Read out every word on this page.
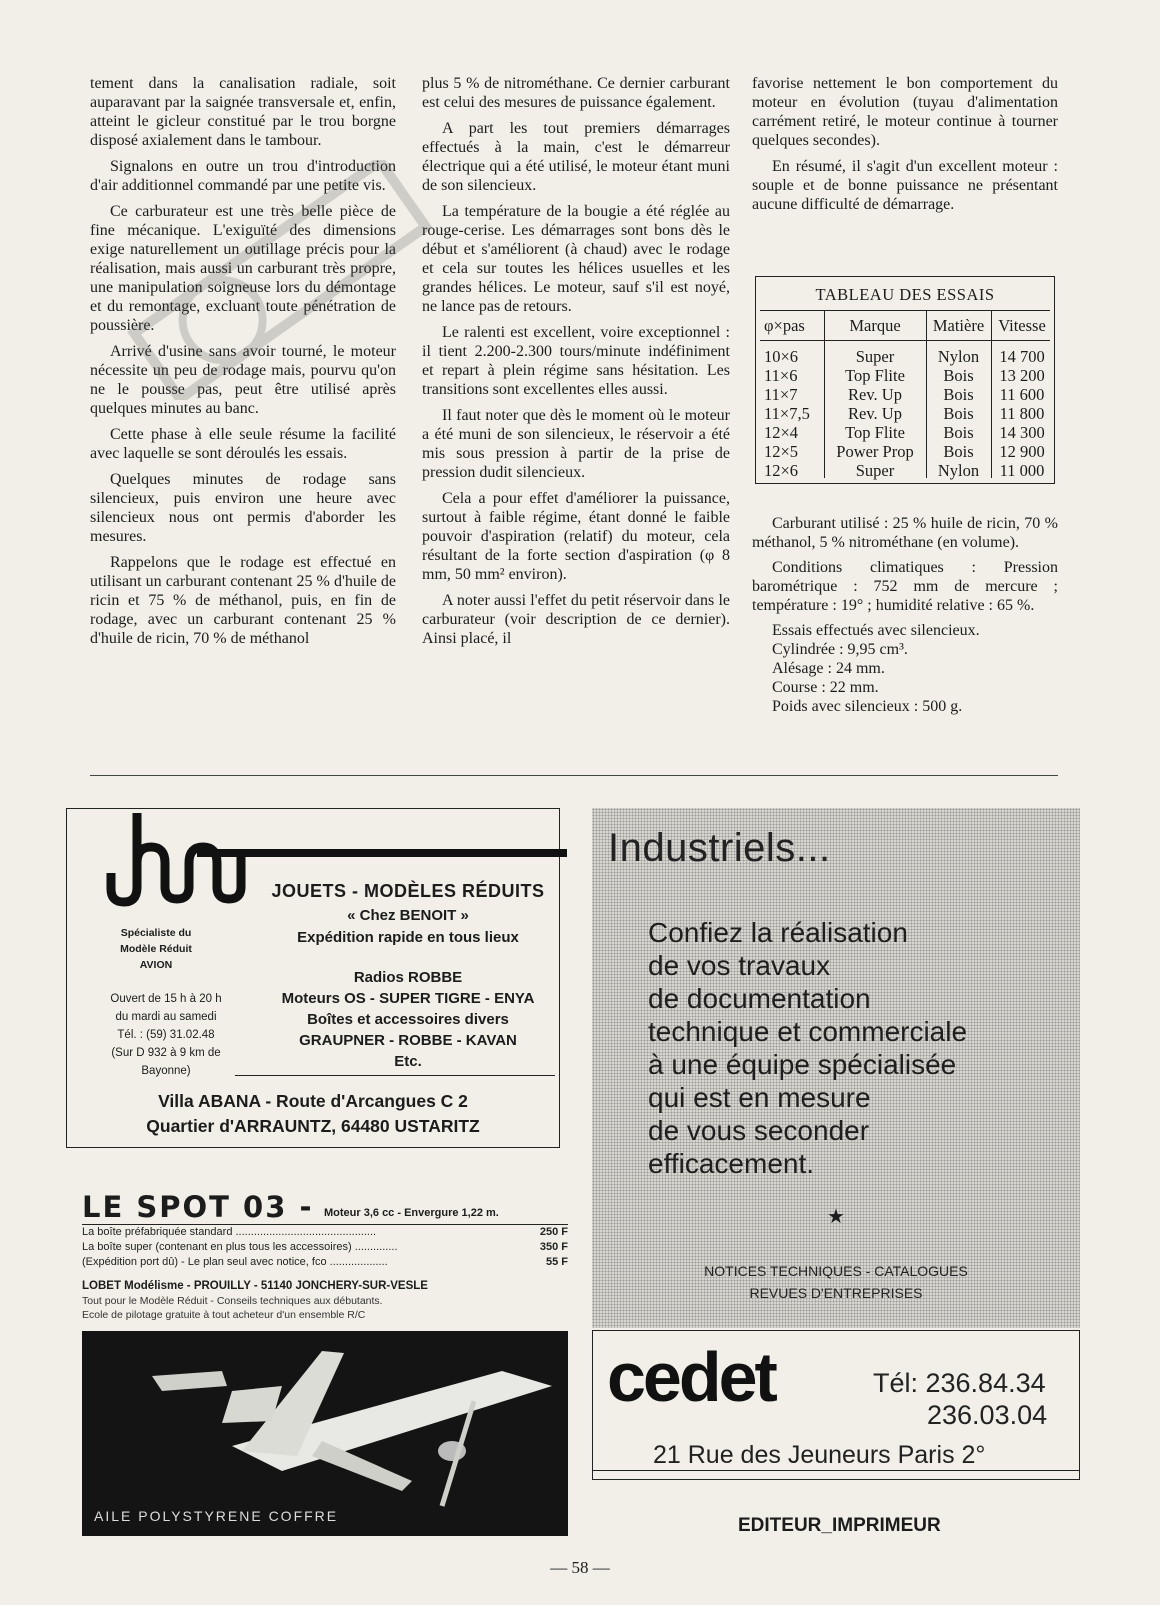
tement dans la canalisation radiale, soit auparavant par la saignée transversale et, enfin, atteint le gicleur constitué par le trou borgne disposé axialement dans le tambour.

Signalons en outre un trou d'introduction d'air additionnel commandé par une petite vis.

Ce carburateur est une très belle pièce de fine mécanique. L'exiguïté des dimensions exige naturellement un outillage précis pour la réalisation, mais aussi un carburant très propre, une manipulation soigneuse lors du démontage et du remontage, excluant toute pénétration de poussière.

Arrivé d'usine sans avoir tourné, le moteur nécessite un peu de rodage mais, pourvu qu'on ne le pousse pas, peut être utilisé après quelques minutes au banc.

Cette phase à elle seule résume la facilité avec laquelle se sont déroulés les essais.

Quelques minutes de rodage sans silencieux, puis environ une heure avec silencieux nous ont permis d'aborder les mesures.

Rappelons que le rodage est effectué en utilisant un carburant contenant 25 % d'huile de ricin et 75 % de méthanol, puis, en fin de rodage, avec un carburant contenant 25 % d'huile de ricin, 70 % de méthanol

plus 5 % de nitrométhane. Ce dernier carburant est celui des mesures de puissance également.

A part les tout premiers démarrages effectués à la main, c'est le démarreur électrique qui a été utilisé, le moteur étant muni de son silencieux.

La température de la bougie a été réglée au rouge-cerise. Les démarrages sont bons dès le début et s'améliorent (à chaud) avec le rodage et cela sur toutes les hélices usuelles et les grandes hélices. Le moteur, sauf s'il est noyé, ne lance pas de retours.

Le ralenti est excellent, voire exceptionnel : il tient 2.200-2.300 tours/minute indéfiniment et repart à plein régime sans hésitation. Les transitions sont excellentes elles aussi.

Il faut noter que dès le moment où le moteur a été muni de son silencieux, le réservoir a été mis sous pression à partir de la prise de pression dudit silencieux.

Cela a pour effet d'améliorer la puissance, surtout à faible régime, étant donné le faible pouvoir d'aspiration (relatif) du moteur, cela résultant de la forte section d'aspiration (φ 8 mm, 50 mm² environ).

A noter aussi l'effet du petit réservoir dans le carburateur (voir description de ce dernier). Ainsi placé, il

favorise nettement le bon comportement du moteur en évolution (tuyau d'alimentation carrément retiré, le moteur continue à tourner quelques secondes).

En résumé, il s'agit d'un excellent moteur : souple et de bonne puissance ne présentant aucune difficulté de démarrage.

TABLEAU DES ESSAIS
φ×pas	Marque	Matière Vitesse
10×6	Super	Nylon	14 700
11×6	Top Flite	Bois	13 200
11×7	Rev. Up	Bois	11 600
11×7,5	Rev. Up	Bois	11 800
12×4	Top Flite	Bois	14 300
12×5	Power Prop	Bois	12 900
12×6	Super	Nylon	11 000

Carburant utilisé : 25 % huile de ricin, 70 % méthanol, 5 % nitrométhane (en volume).

Conditions climatiques : Pression barométrique : 752 mm de mercure ; température : 19° ; humidité relative : 65 %.

Essais effectués avec silencieux.

Cylindrée : 9,95 cm³.

Alésage : 24 mm.

Course : 22 mm.

Poids avec silencieux : 500 g.

JOUETS - MODÈLES RÉDUITS
« Chez BENOIT »
Expédition rapide en tous lieux
Spécialiste du
Modèle Réduit
AVION
Ouvert de 15 h à 20 h
du mardi au samedi
Tél. : (59) 31.02.48
(Sur D 932 à 9 km de
Bayonne)
Radios ROBBE
Moteurs OS - SUPER TIGRE - ENYA
Boîtes et accessoires divers
GRAUPNER - ROBBE - KAVAN
Etc.
Villa ABANA - Route d'Arcangues C 2
Quartier d'ARRAUNTZ, 64480 USTARITZ
LE SPOT 03 - Moteur 3,6 cc - Envergure 1,22 m.
La boîte préfabriquée standard ..............................................	250 F
La boîte super (contenant en plus tous les accessoires) ..............	350 F
(Expédition port dû) - Le plan seul avec notice, fco ...................	55 F
LOBET Modélisme - PROUILLY - 51140 JONCHERY-SUR-VESLE
Tout pour le Modèle Réduit - Conseils techniques aux débutants.
Ecole de pilotage gratuite à tout acheteur d'un ensemble R/C
AILE POLYSTYRENE COFFRE
Industriels...
Confiez la réalisation
de vos travaux
de documentation
technique et commerciale
à une équipe spécialisée
qui est en mesure
de vous seconder
efficacement.
★
NOTICES TECHNIQUES - CATALOGUES
REVUES D'ENTREPRISES
cedet	Tél: 236.84.34
236.03.04
21 Rue des Jeuneurs Paris 2°
EDITEUR_IMPRIMEUR
— 58 —
